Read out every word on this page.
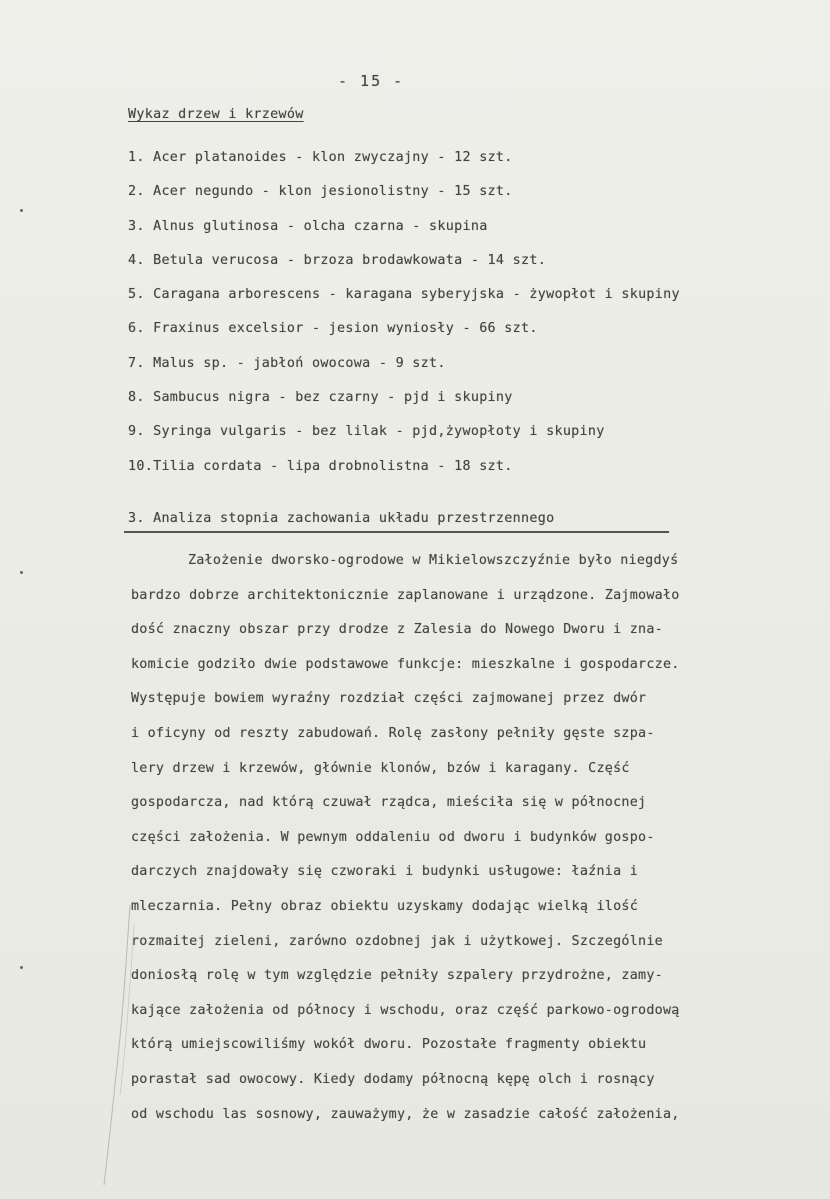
- 15 -
Wykaz drzew i krzewów
1. Acer platanoides - klon zwyczajny - 12 szt.
2. Acer negundo - klon jesionolistny - 15 szt.
3. Alnus glutinosa - olcha czarna - skupina
4. Betula verucosa - brzoza brodawkowata - 14 szt.
5. Caragana arborescens - karagana syberyjska - żywopłot i skupiny
6. Fraxinus excelsior - jesion wyniosły - 66 szt.
7. Malus sp. - jabłoń owocowa - 9 szt.
8. Sambucus nigra - bez czarny - pjd i skupiny
9. Syringa vulgaris - bez lilak - pjd,żywopłoty i skupiny
10.Tilia cordata - lipa drobnolistna - 18 szt.
3. Analiza stopnia zachowania układu przestrzennego
Założenie dworsko-ogrodowe w Mikielowszczyźnie było niegdyś
bardzo dobrze architektonicznie zaplanowane i urządzone. Zajmowało
dość znaczny obszar przy drodze z Zalesia do Nowego Dworu i zna-
komicie godziło dwie podstawowe funkcje: mieszkalne i gospodarcze.
Występuje bowiem wyraźny rozdział części zajmowanej przez dwór
i oficyny od reszty zabudowań. Rolę zasłony pełniły gęste szpa-
lery drzew i krzewów, głównie klonów, bzów i karagany. Część
gospodarcza, nad którą czuwał rządca, mieściła się w północnej
części założenia. W pewnym oddaleniu od dworu i budynków gospo-
darczych znajdowały się czworaki i budynki usługowe: łaźnia i
mleczarnia. Pełny obraz obiektu uzyskamy dodając wielką ilość
rozmaitej zieleni, zarówno ozdobnej jak i użytkowej. Szczególnie
doniosłą rolę w tym względzie pełniły szpalery przydrożne, zamy-
kające założenia od północy i wschodu, oraz część parkowo-ogrodową
którą umiejscowiliśmy wokół dworu. Pozostałe fragmenty obiektu
porastał sad owocowy. Kiedy dodamy północną kępę olch i rosnący
od wschodu las sosnowy, zauważymy, że w zasadzie całość założenia,
